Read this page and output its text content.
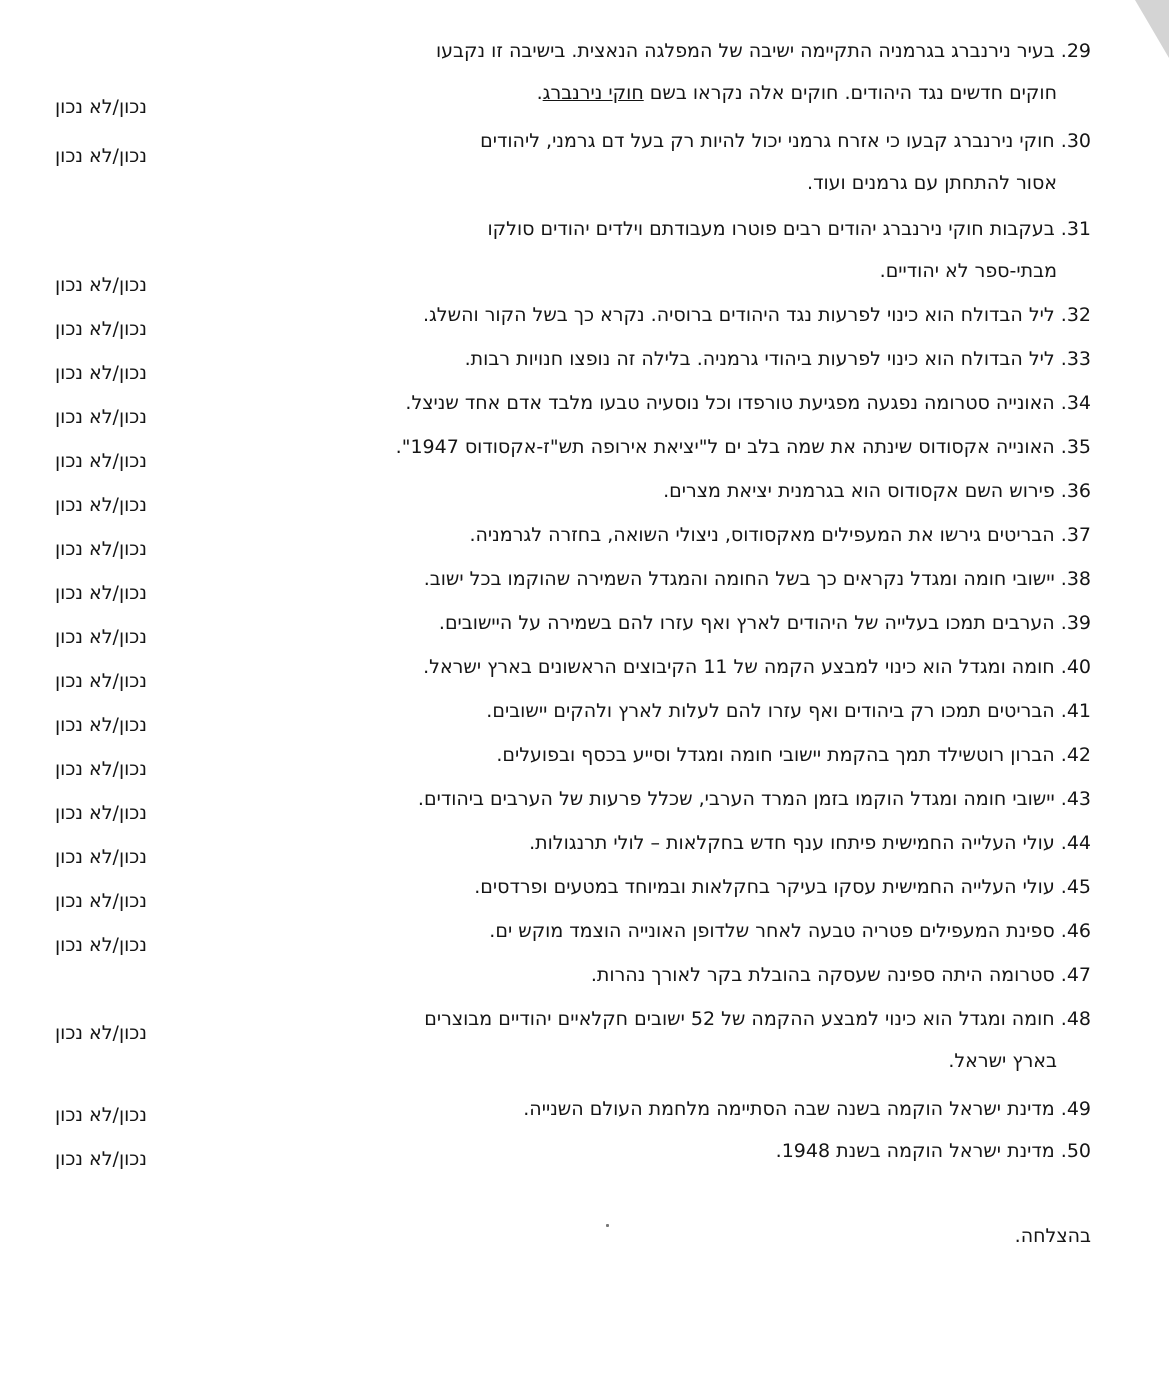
29. בעיר נירנברג בגרמניה התקיימה ישיבה של המפלגה הנאצית. בישיבה זו נקבעו
חוקים חדשים נגד היהודים. חוקים אלה נקראו בשם חוקי נירנברג.
נכון/לא נכון
30. חוקי נירנברג קבעו כי אזרח גרמני יכול להיות רק בעל דם גרמני, ליהודים
אסור להתחתן עם גרמנים ועוד.
נכון/לא נכון
31. בעקבות חוקי נירנברג יהודים רבים פוטרו מעבודתם וילדים יהודים סולקו
מבתי-ספר לא יהודיים.
נכון/לא נכון
32. ליל הבדולח הוא כינוי לפרעות נגד היהודים ברוסיה. נקרא כך בשל הקור והשלג.
נכון/לא נכון
33. ליל הבדולח הוא כינוי לפרעות ביהודי גרמניה. בלילה זה נופצו חנויות רבות.
נכון/לא נכון
34. האונייה סטרומה נפגעה מפגיעת טורפדו וכל נוסעיה טבעו מלבד אדם אחד שניצל.
נכון/לא נכון
35. האונייה אקסודוס שינתה את שמה בלב ים ל"יציאת אירופה תש"ז-אקסודוס 1947".
נכון/לא נכון
36. פירוש השם אקסודוס הוא בגרמנית יציאת מצרים.
נכון/לא נכון
37. הבריטים גירשו את המעפילים מאקסודוס, ניצולי השואה, בחזרה לגרמניה.
נכון/לא נכון
38. יישובי חומה ומגדל נקראים כך בשל החומה והמגדל השמירה שהוקמו בכל ישוב.
נכון/לא נכון
39. הערבים תמכו בעלייה של היהודים לארץ ואף עזרו להם בשמירה על היישובים.
נכון/לא נכון
40. חומה ומגדל הוא כינוי למבצע הקמה של 11 הקיבוצים הראשונים בארץ ישראל.
נכון/לא נכון
41. הבריטים תמכו רק ביהודים ואף עזרו להם לעלות לארץ ולהקים יישובים.
נכון/לא נכון
42. הברון רוטשילד תמך בהקמת יישובי חומה ומגדל וסייע בכסף ובפועלים.
נכון/לא נכון
43. יישובי חומה ומגדל הוקמו בזמן המרד הערבי, שכלל פרעות של הערבים ביהודים.
נכון/לא נכון
44. עולי העלייה החמישית פיתחו ענף חדש בחקלאות – לולי תרנגולות.
נכון/לא נכון
45. עולי העלייה החמישית עסקו בעיקר בחקלאות ובמיוחד במטעים ופרדסים.
נכון/לא נכון
46. ספינת המעפילים פטריה טבעה לאחר שלדופן האונייה הוצמד מוקש ים.
נכון/לא נכון
47. סטרומה היתה ספינה שעסקה בהובלת בקר לאורך נהרות.
48. חומה ומגדל הוא כינוי למבצע ההקמה של 52 ישובים חקלאיים יהודיים מבוצרים
בארץ ישראל.
נכון/לא נכון
49. מדינת ישראל הוקמה בשנה שבה הסתיימה מלחמת העולם השנייה.
נכון/לא נכון
50. מדינת ישראל הוקמה בשנת 1948.
נכון/לא נכון
בהצלחה.
